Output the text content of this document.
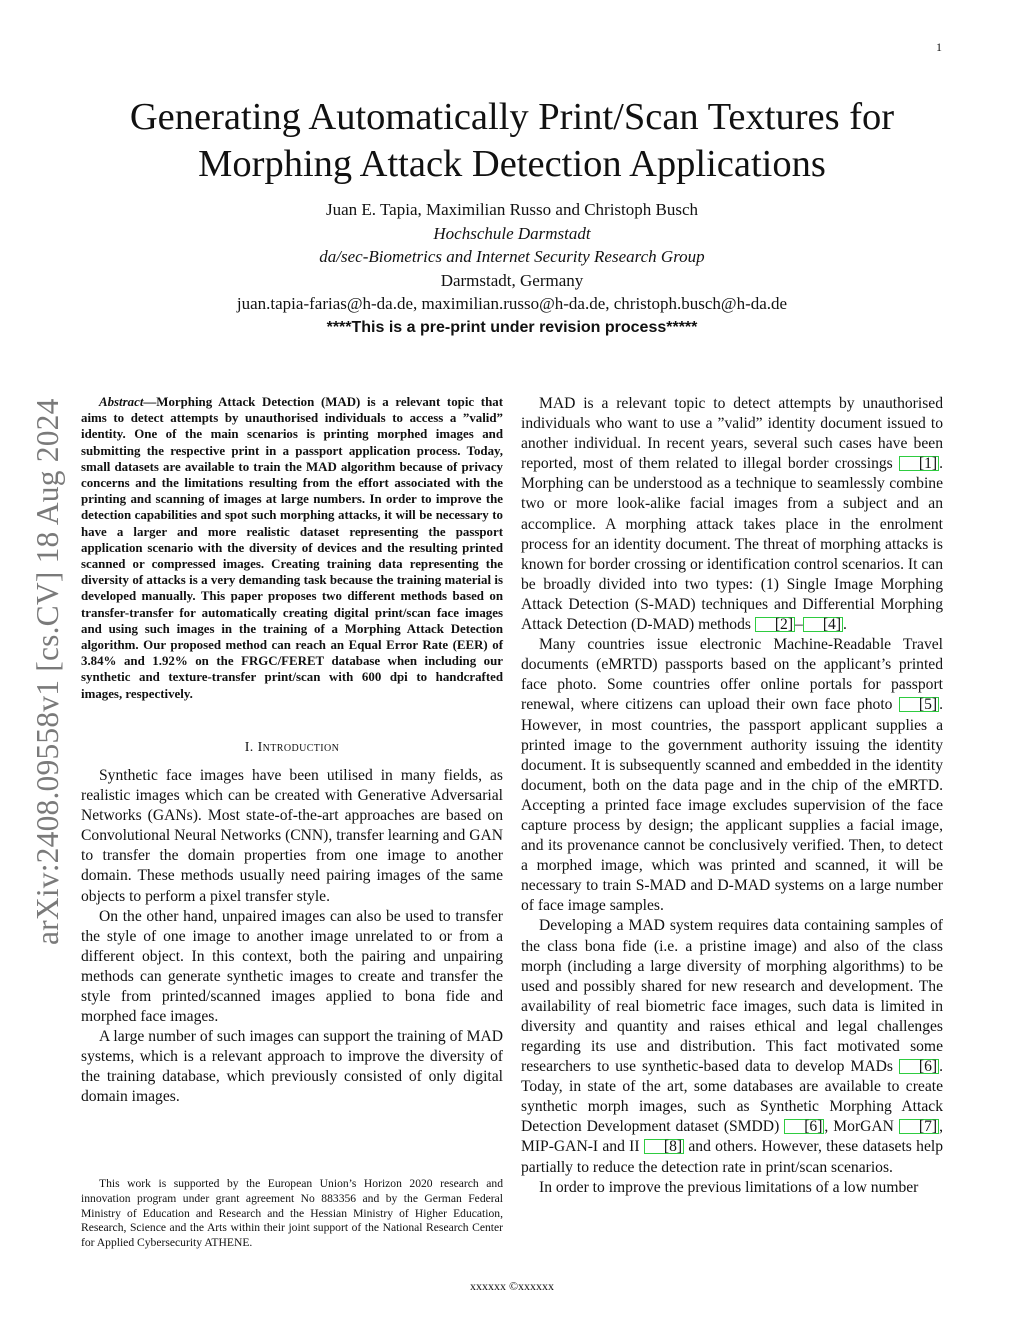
1
arXiv:2408.09558v1 [cs.CV] 18 Aug 2024
Generating Automatically Print/Scan Textures for Morphing Attack Detection Applications
Juan E. Tapia, Maximilian Russo and Christoph Busch
Hochschule Darmstadt
da/sec-Biometrics and Internet Security Research Group
Darmstadt, Germany
juan.tapia-farias@h-da.de, maximilian.russo@h-da.de, christoph.busch@h-da.de
****This is a pre-print under revision process*****

Abstract—Morphing Attack Detection (MAD) is a relevant topic that aims to detect attempts by unauthorised individuals to access a ”valid” identity. One of the main scenarios is printing morphed images and submitting the respective print in a passport application process. Today, small datasets are available to train the MAD algorithm because of privacy concerns and the limitations resulting from the effort associated with the printing and scanning of images at large numbers. In order to improve the detection capabilities and spot such morphing attacks, it will be necessary to have a larger and more realistic dataset representing the passport application scenario with the diversity of devices and the resulting printed scanned or compressed images. Creating training data representing the diversity of attacks is a very demanding task because the training material is developed manually. This paper proposes two different methods based on transfer-transfer for automatically creating digital print/scan face images and using such images in the training of a Morphing Attack Detection algorithm. Our proposed method can reach an Equal Error Rate (EER) of 3.84% and 1.92% on the FRGC/FERET database when including our synthetic and texture-transfer print/scan with 600 dpi to handcrafted images, respectively.

I. Introduction

Synthetic face images have been utilised in many fields, as realistic images which can be created with Generative Adversarial Networks (GANs). Most state-of-the-art approaches are based on Convolutional Neural Networks (CNN), transfer learning and GAN to transfer the domain properties from one image to another domain. These methods usually need pairing images of the same objects to perform a pixel transfer style.

On the other hand, unpaired images can also be used to transfer the style of one image to another image unrelated to or from a different object. In this context, both the pairing and unpairing methods can generate synthetic images to create and transfer the style from printed/scanned images applied to bona fide and morphed face images.

A large number of such images can support the training of MAD systems, which is a relevant approach to improve the diversity of the training database, which previously consisted of only digital domain images.

This work is supported by the European Union’s Horizon 2020 research and innovation program under grant agreement No 883356 and by the German Federal Ministry of Education and Research and the Hessian Ministry of Higher Education, Research, Science and the Arts within their joint support of the National Research Center for Applied Cybersecurity ATHENE.

MAD is a relevant topic to detect attempts by unauthorised individuals who want to use a ”valid” identity document issued to another individual. In recent years, several such cases have been reported, most of them related to illegal border crossings [1] . Morphing can be understood as a technique to seamlessly combine two or more look-alike facial images from a subject and an accomplice. A morphing attack takes place in the enrolment process for an identity document. The threat of morphing attacks is known for border crossing or identification control scenarios. It can be broadly divided into two types: (1) Single Image Morphing Attack Detection (S-MAD) techniques and Differential Morphing Attack Detection (D-MAD) methods [2] – [4] .

Many countries issue electronic Machine-Readable Travel documents (eMRTD) passports based on the applicant’s printed face photo. Some countries offer online portals for passport renewal, where citizens can upload their own face photo [5] . However, in most countries, the passport applicant supplies a printed image to the government authority issuing the identity document. It is subsequently scanned and embedded in the identity document, both on the data page and in the chip of the eMRTD. Accepting a printed face image excludes supervision of the face capture process by design; the applicant supplies a facial image, and its provenance cannot be conclusively verified. Then, to detect a morphed image, which was printed and scanned, it will be necessary to train S-MAD and D-MAD systems on a large number of face image samples.

Developing a MAD system requires data containing samples of the class bona fide (i.e. a pristine image) and also of the class morph (including a large diversity of morphing algorithms) to be used and possibly shared for new research and development. The availability of real biometric face images, such data is limited in diversity and quantity and raises ethical and legal challenges regarding its use and distribution. This fact motivated some researchers to use synthetic-based data to develop MADs [6] . Today, in state of the art, some databases are available to create synthetic morph images, such as Synthetic Morphing Attack Detection Development dataset (SMDD) [6] , MorGAN [7] , MIP-GAN-I and II [8] and others. However, these datasets help partially to reduce the detection rate in print/scan scenarios.

In order to improve the previous limitations of a low number

xxxxxx ©xxxxxx
